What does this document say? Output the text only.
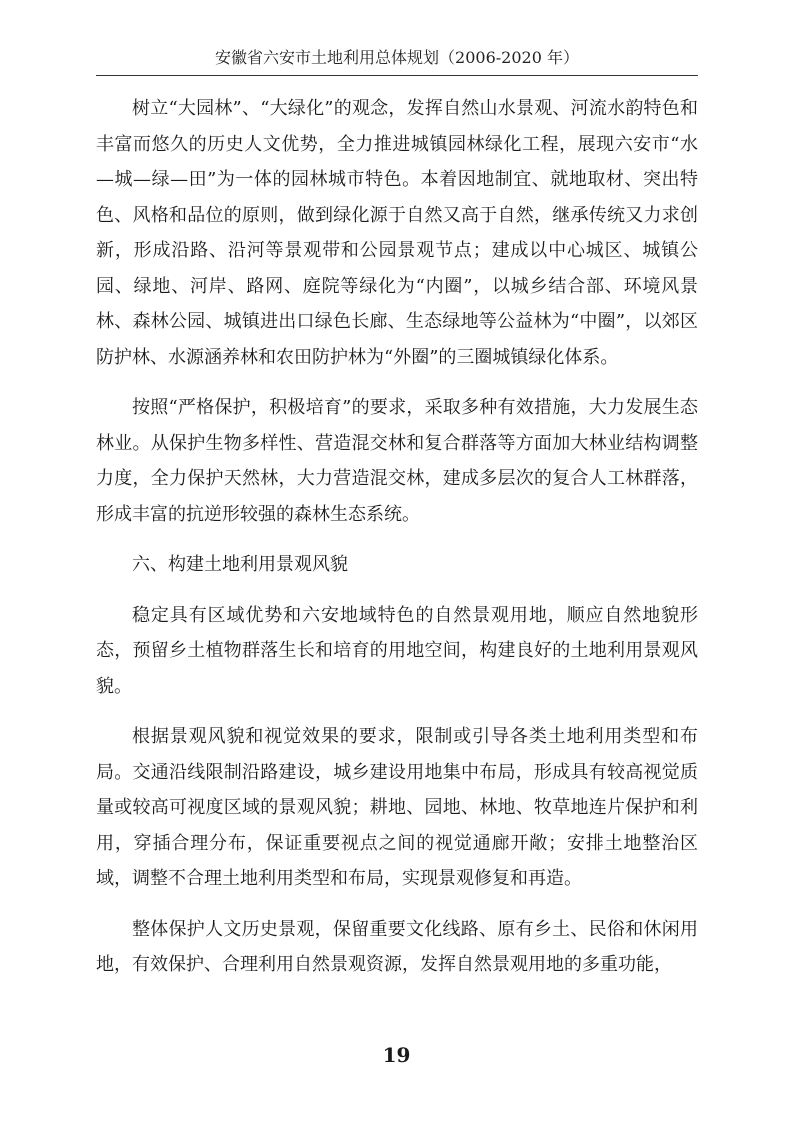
安徽省六安市土地利用总体规划（2006-2020 年）

树立“大园林”、“大绿化”的观念，发挥自然山水景观、河流水韵特色和丰富而悠久的历史人文优势，全力推进城镇园林绿化工程，展现六安市“水—城—绿—田”为一体的园林城市特色。本着因地制宜、就地取材、突出特色、风格和品位的原则，做到绿化源于自然又高于自然，继承传统又力求创新，形成沿路、沿河等景观带和公园景观节点；建成以中心城区、城镇公园、绿地、河岸、路网、庭院等绿化为“内圈”，以城乡结合部、环境风景林、森林公园、城镇进出口绿色长廊、生态绿地等公益林为“中圈”，以郊区防护林、水源涵养林和农田防护林为“外圈”的三圈城镇绿化体系。

按照“严格保护，积极培育”的要求，采取多种有效措施，大力发展生态林业。从保护生物多样性、营造混交林和复合群落等方面加大林业结构调整力度，全力保护天然林，大力营造混交林，建成多层次的复合人工林群落，形成丰富的抗逆形较强的森林生态系统。

六、构建土地利用景观风貌

稳定具有区域优势和六安地域特色的自然景观用地，顺应自然地貌形态，预留乡土植物群落生长和培育的用地空间，构建良好的土地利用景观风貌。

根据景观风貌和视觉效果的要求，限制或引导各类土地利用类型和布局。交通沿线限制沿路建设，城乡建设用地集中布局，形成具有较高视觉质量或较高可视度区域的景观风貌；耕地、园地、林地、牧草地连片保护和利用，穿插合理分布，保证重要视点之间的视觉通廊开敞；安排土地整治区域，调整不合理土地利用类型和布局，实现景观修复和再造。

整体保护人文历史景观，保留重要文化线路、原有乡土、民俗和休闲用地，有效保护、合理利用自然景观资源，发挥自然景观用地的多重功能，

19
